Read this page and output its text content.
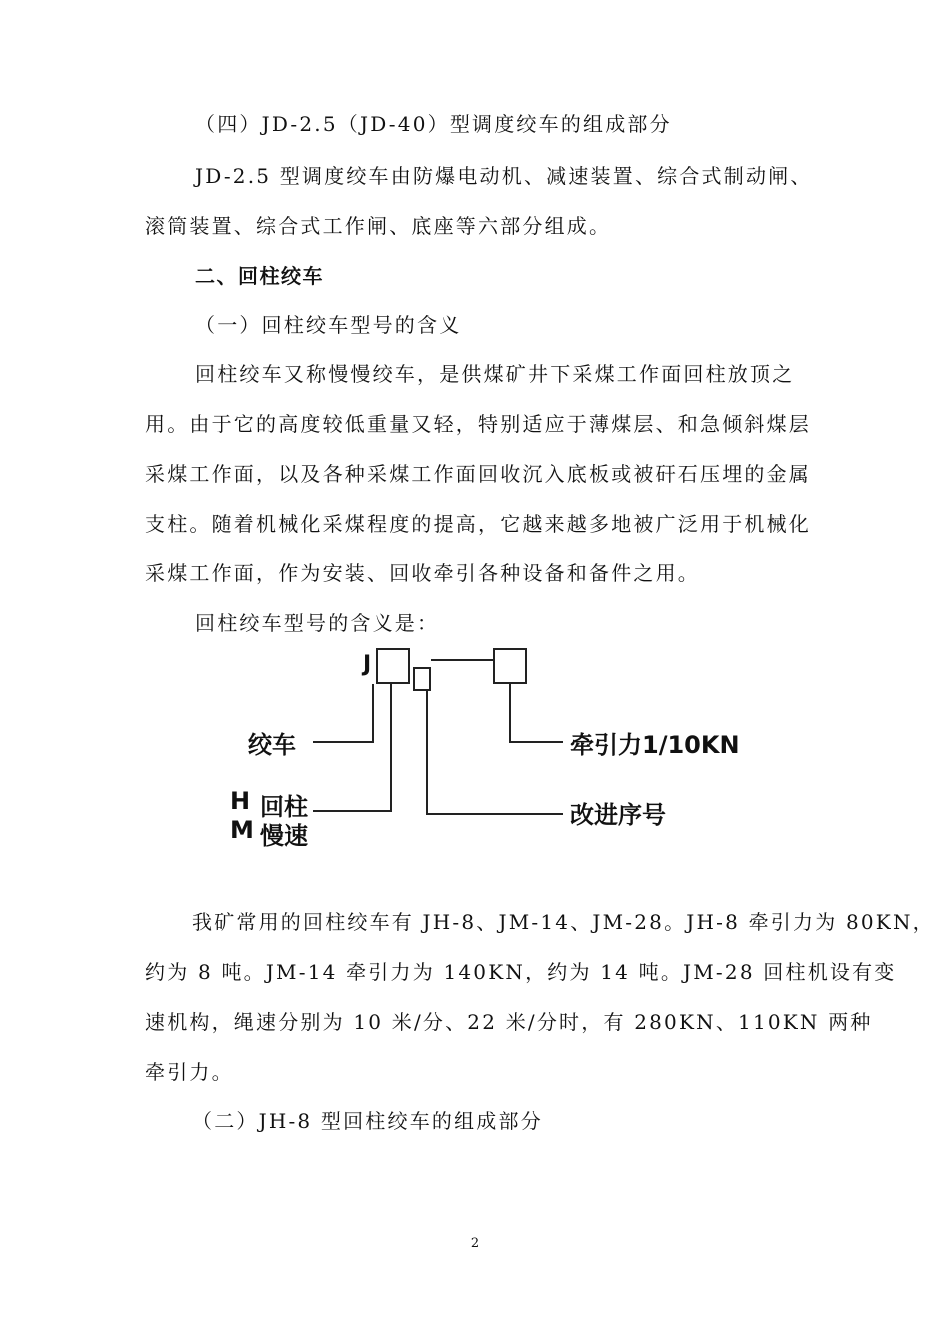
（四）JD-2.5（JD-40）型调度绞车的组成部分
JD-2.5 型调度绞车由防爆电动机、减速装置、综合式制动闸、
滚筒装置、综合式工作闸、底座等六部分组成。
二、回柱绞车
（一）回柱绞车型号的含义
回柱绞车又称慢慢绞车，是供煤矿井下采煤工作面回柱放顶之
用。由于它的高度较低重量又轻，特别适应于薄煤层、和急倾斜煤层
采煤工作面，以及各种采煤工作面回收沉入底板或被矸石压埋的金属
支柱。随着机械化采煤程度的提高，它越来越多地被广泛用于机械化
采煤工作面，作为安装、回收牵引各种设备和备件之用。
回柱绞车型号的含义是：
J
绞车
H 回柱
M 慢速
改进序号
牵引力1/10KN
我矿常用的回柱绞车有 JH-8、JM-14、JM-28。JH-8 牵引力为 80KN，
约为 8 吨。JM-14 牵引力为 140KN，约为 14 吨。JM-28 回柱机设有变
速机构，绳速分别为 10 米/分、22 米/分时，有 280KN、110KN 两种
牵引力。
（二）JH-8 型回柱绞车的组成部分
2
